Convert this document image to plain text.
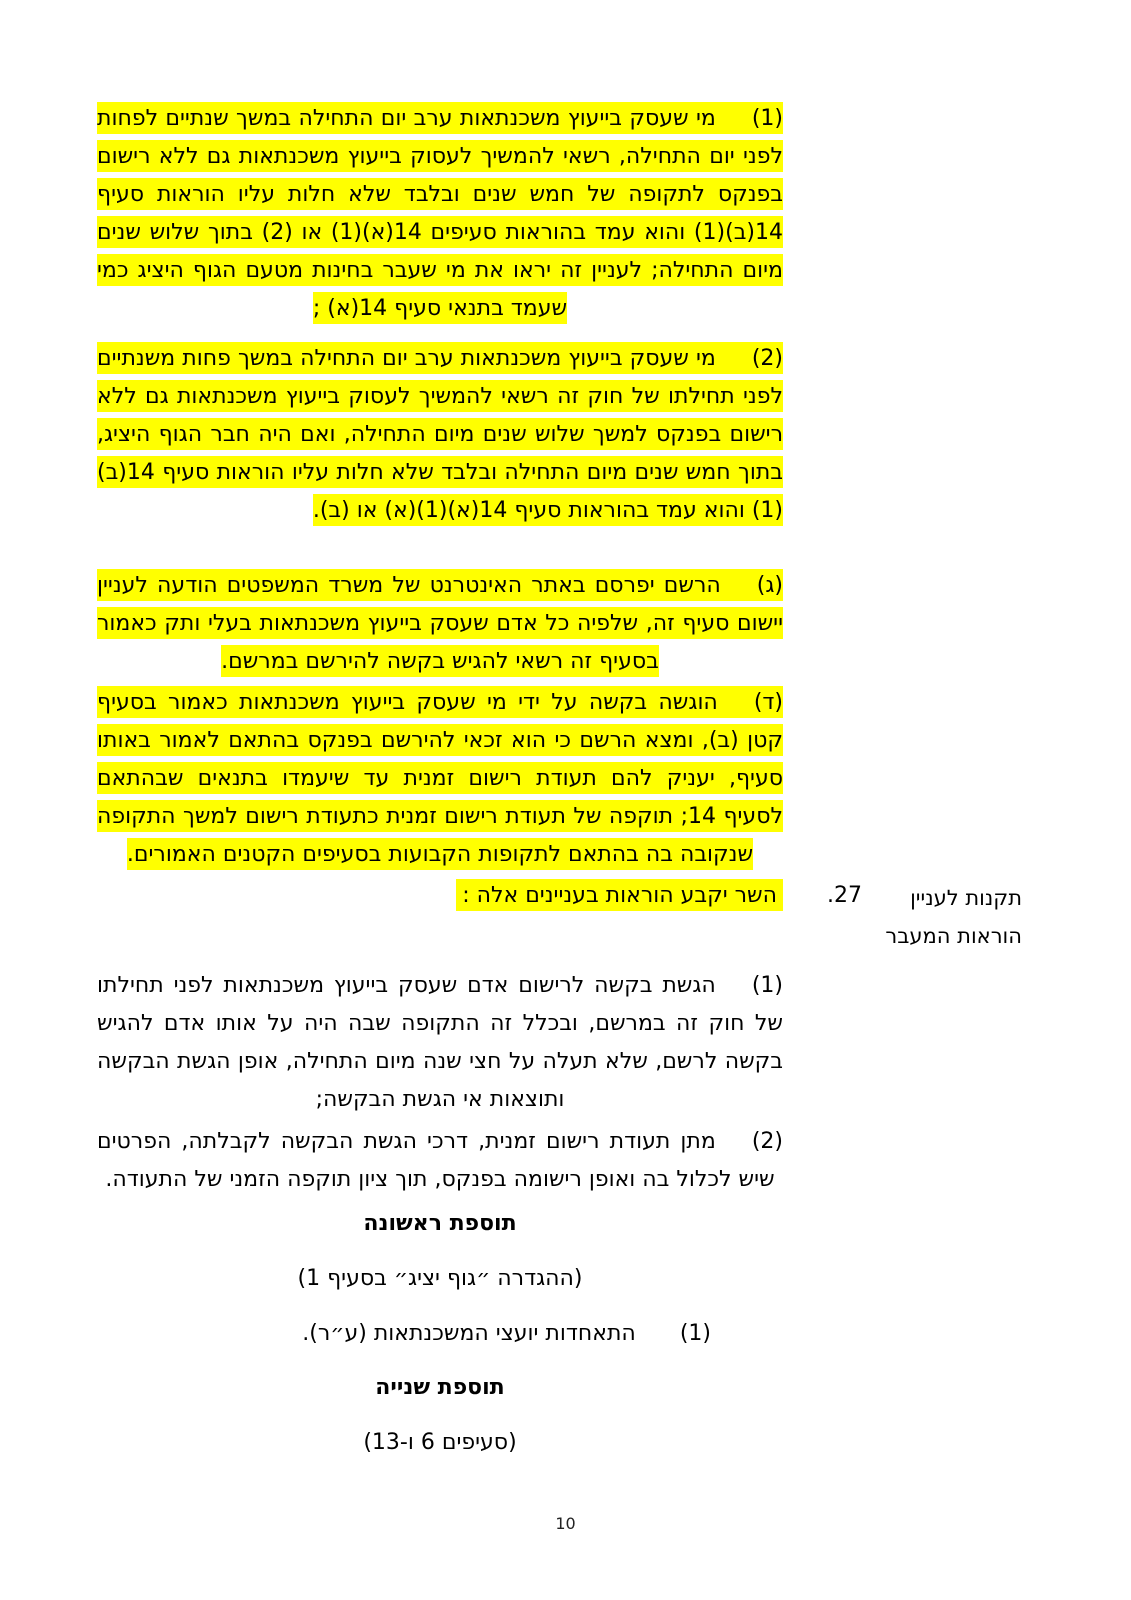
(1)מי שעסק בייעוץ משכנתאות ערב יום התחילה במשך שנתיים לפחות לפני יום התחילה, רשאי להמשיך לעסוק בייעוץ משכנתאות גם ללא רישום בפנקס לתקופה של חמש שנים ובלבד שלא חלות עליו הוראות סעיף 14(ב)(1) והוא עמד בהוראות סעיפים 14(א)(1) או (2) בתוך שלוש שנים מיום התחילה; לעניין זה יראו את מי שעבר בחינות מטעם הגוף היציג כמי שעמד בתנאי סעיף 14(א) ;
(2)מי שעסק בייעוץ משכנתאות ערב יום התחילה במשך פחות משנתיים לפני תחילתו של חוק זה רשאי להמשיך לעסוק בייעוץ משכנתאות גם ללא רישום בפנקס למשך שלוש שנים מיום התחילה, ואם היה חבר הגוף היציג, בתוך חמש שנים מיום התחילה ובלבד שלא חלות עליו הוראות סעיף 14(ב)(1) והוא עמד בהוראות סעיף 14(א)(1)(א) או (ב).
(ג)הרשם יפרסם באתר האינטרנט של משרד המשפטים הודעה לעניין יישום סעיף זה, שלפיה כל אדם שעסק בייעוץ משכנתאות בעלי ותק כאמור בסעיף זה רשאי להגיש בקשה להירשם במרשם.
(ד)הוגשה בקשה על ידי מי שעסק בייעוץ משכנתאות כאמור בסעיף קטן (ב), ומצא הרשם כי הוא זכאי להירשם בפנקס בהתאם לאמור באותו סעיף, יעניק להם תעודת רישום זמנית עד שיעמדו בתנאים שבהתאם לסעיף 14; תוקפה של תעודת רישום זמנית כתעודת רישום למשך התקופה שנקובה בה בהתאם לתקופות הקבועות בסעיפים הקטנים האמורים.
השר יקבע הוראות בעניינים אלה :
(1)הגשת בקשה לרישום אדם שעסק בייעוץ משכנתאות לפני תחילתו של חוק זה במרשם, ובכלל זה התקופה שבה היה על אותו אדם להגיש בקשה לרשם, שלא תעלה על חצי שנה מיום התחילה, אופן הגשת הבקשה ותוצאות אי הגשת הבקשה;
(2)מתן תעודת רישום זמנית, דרכי הגשת הבקשה לקבלתה, הפרטים שיש לכלול בה ואופן רישומה בפנקס, תוך ציון תוקפה הזמני של התעודה.
תוספת ראשונה
(ההגדרה ״גוף יציג״ בסעיף 1)
(1)התאחדות יועצי המשכנתאות (ע״ר).
תוספת שנייה
(סעיפים 6 ו-13)
.27	תקנות לעניין
הוראות המעבר
10
